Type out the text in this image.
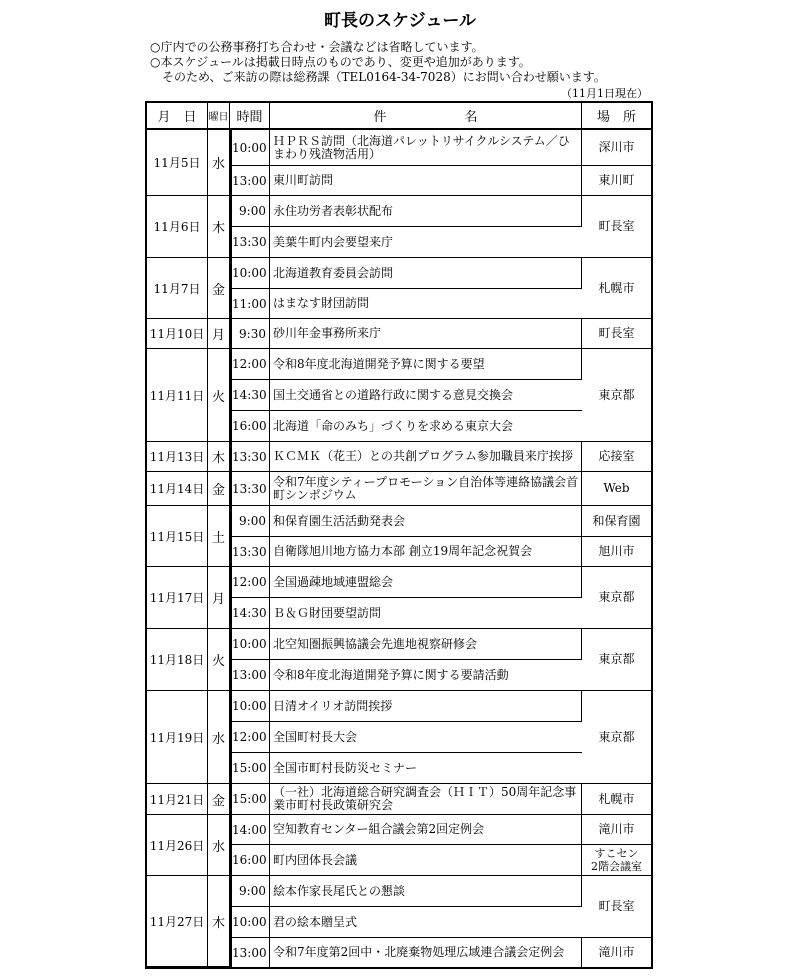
町長のスケジュール
○庁内での公務事務打ち合わせ・会議などは省略しています。
○本スケジュールは掲載日時点のものであり、変更や追加があります。
　そのため、ご来訪の際は総務課（TEL0164-34-7028）にお問い合わせ願います。
（11月1日現在）
月　日	曜日	時間	件　　　　　　名	場　所
11月5日	水	10:00	ＨＰＲＳ訪問（北海道パレットリサイクルシステム／ひまわり残渣物活用）	深川市
		13:00	東川町訪問	東川町
11月6日	木	9:00	永住功労者表彰状配布	町長室
		13:30	美葉牛町内会要望来庁	
11月7日	金	10:00	北海道教育委員会訪問	札幌市
		11:00	はまなす財団訪問	
11月10日	月	9:30	砂川年金事務所来庁	町長室
11月11日	火	12:00	令和8年度北海道開発予算に関する要望	東京都
		14:30	国土交通省との道路行政に関する意見交換会	
		16:00	北海道「命のみち」づくりを求める東京大会	
11月13日	木	13:30	ＫＣＭＫ（花王）との共創プログラム参加職員来庁挨拶	応接室
11月14日	金	13:30	令和7年度シティープロモーション自治体等連絡協議会首町シンポジウム	Web
11月15日	土	9:00	和保育園生活活動発表会	和保育園
		13:30	自衛隊旭川地方協力本部 創立19周年記念祝賀会	旭川市
11月17日	月	12:00	全国過疎地域連盟総会	東京都
		14:30	Ｂ＆Ｇ財団要望訪問	
11月18日	火	10:00	北空知圏振興協議会先進地視察研修会	東京都
		13:00	令和8年度北海道開発予算に関する要請活動	
11月19日	水	10:00	日清オイリオ訪問挨拶	東京都
		12:00	全国町村長大会	
		15:00	全国市町村長防災セミナー	
11月21日	金	15:00	（一社）北海道総合研究調査会（ＨＩＴ）50周年記念事業市町村長政策研究会	札幌市
11月26日	水	14:00	空知教育センター組合議会第2回定例会	滝川市
		16:00	町内団体長会議	すこセン
2階会議室

11月27日	木	9:00	絵本作家長尾氏との懇談	町長室
		10:00	君の絵本贈呈式	
		13:00	令和7年度第2回中・北廃棄物処理広域連合議会定例会	滝川市
